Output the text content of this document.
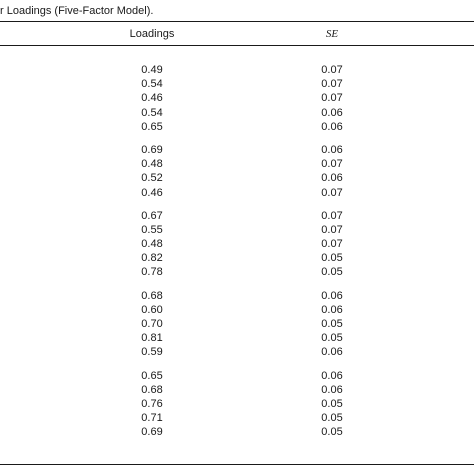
r Loadings (Five-Factor Model).
Loadings	SE
0.49	0.07
0.54	0.07
0.46	0.07
0.54	0.06
0.65	0.06
0.69	0.06
0.48	0.07
0.52	0.06
0.46	0.07
0.67	0.07
0.55	0.07
0.48	0.07
0.82	0.05
0.78	0.05
0.68	0.06
0.60	0.06
0.70	0.05
0.81	0.05
0.59	0.06
0.65	0.06
0.68	0.06
0.76	0.05
0.71	0.05
0.69	0.05
